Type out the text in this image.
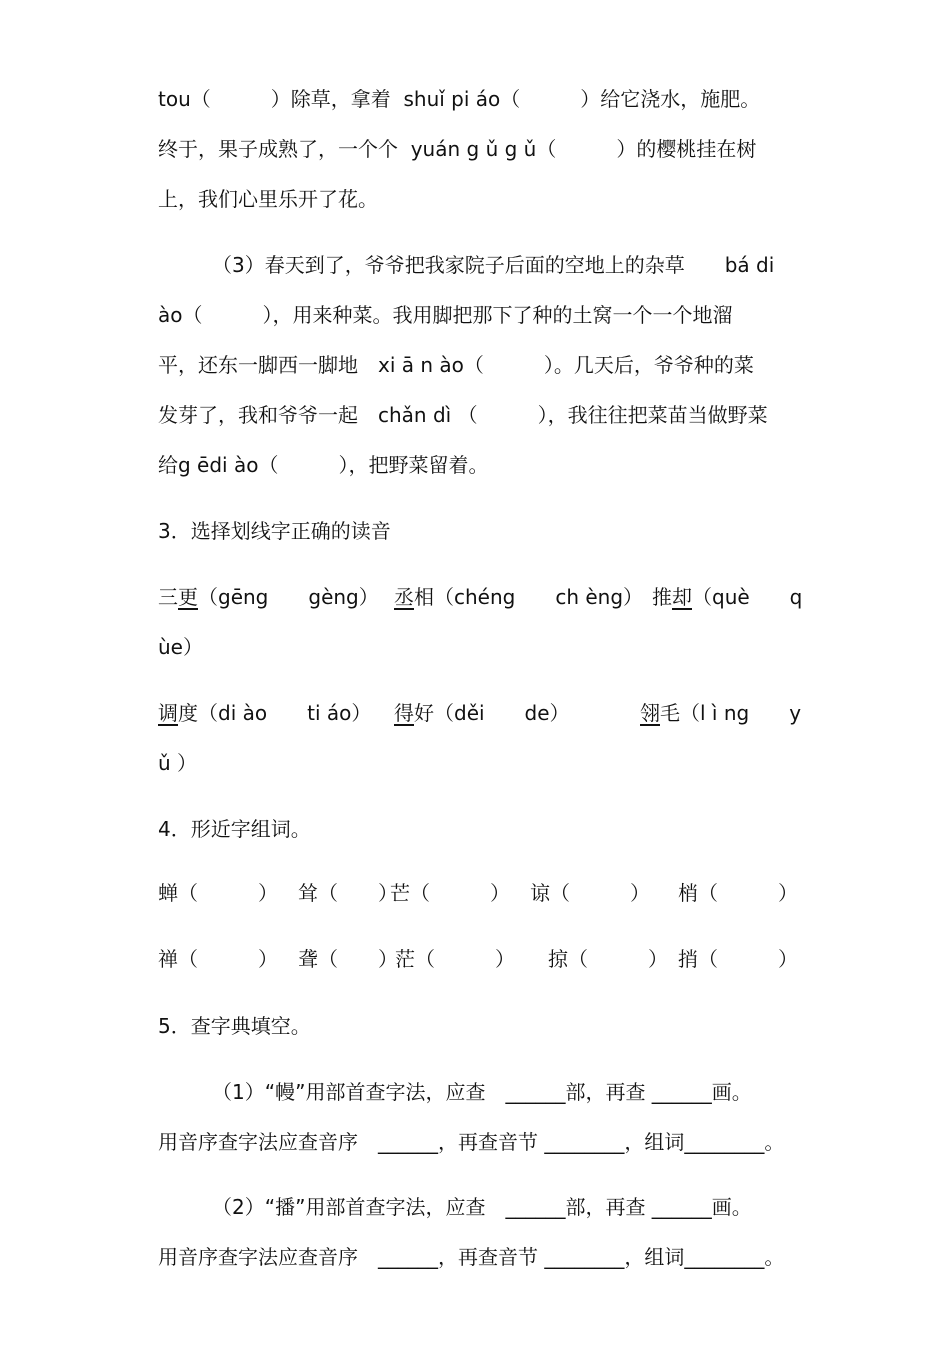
tou（　　　）除草，拿着  shuǐ pi áo（　　　）给它浇水，施肥。
终于，果子成熟了，一个个  yuán g ǔ g ǔ（　　　）的樱桃挂在树
上，我们心里乐开了花。
（3）春天到了，爷爷把我家院子后面的空地上的杂草　　bá di
ào（　　　），用来种菜。我用脚把那下了种的土窝一个一个地溜
平，还东一脚西一脚地　xi ā n ào（　　　）。几天后，爷爷种的菜
发芽了，我和爷爷一起　chǎn dì （　　　），我往往把菜苗当做野菜
给g ēdi ào（　　　），把野菜留着。
3．选择划线字正确的读音
三更（gēng　　gèng） 丞相（chéng　　ch èng） 推却（què　　q
ùe）
调度（di ào　　ti áo） 得好（děi　　de）	翎毛（l ì ng　　y
ǔ ）
4．形近字组词。
蝉（　　　） 耸（　　）
芒（　　　） 谅（　　　） 梢（　　　）
禅（　　　） 聋（　　）
茫（　　　） 掠（　　　） 捎（　　　）
5．查字典填空。
（1）“幔”用部首查字法，应查　______部，再查 ______画。
用音序查字法应查音序　______，再查音节 ________，组词________。
（2）“播”用部首查字法，应查　______部，再查 ______画。
用音序查字法应查音序　______，再查音节 ________，组词________。
